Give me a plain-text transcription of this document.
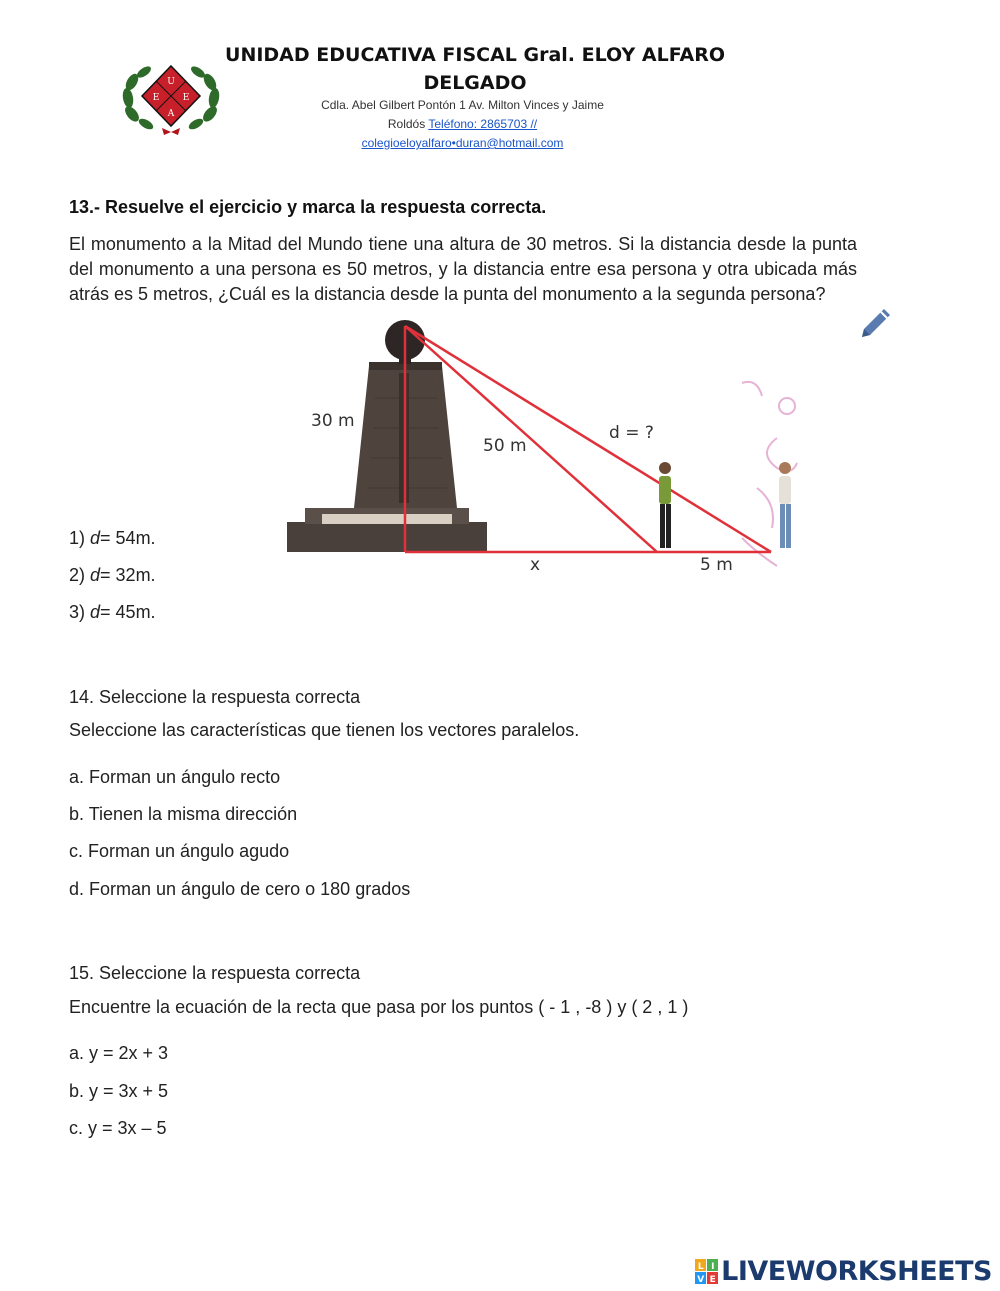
U
E	E
A
UNIDAD EDUCATIVA FISCAL Gral. ELOY ALFARO
DELGADO
Cdla. Abel Gilbert Pontón 1 Av. Milton Vinces y Jaime
Roldós Teléfono: 2865703 //
colegioeloyalfaro•duran@hotmail.com
13.- Resuelve el ejercicio y marca la respuesta correcta.
El monumento a la Mitad del Mundo tiene una altura de 30 metros. Si la distancia desde la punta del monumento a una persona es 50 metros, y la distancia entre esa persona y otra ubicada más atrás es 5 metros, ¿Cuál es la distancia desde la punta del monumento a la segunda persona?
30 m
50 m
d = ?
x	5 m
1) d= 54m.
2) d= 32m.
3) d= 45m.
14. Seleccione la respuesta correcta
Seleccione las características que tienen los vectores paralelos.
a. Forman un ángulo recto
b. Tienen la misma dirección
c. Forman un ángulo agudo
d. Forman un ángulo de cero o 180 grados
15. Seleccione la respuesta correcta
Encuentre la ecuación de la recta que pasa por los puntos ( - 1 , -8 ) y ( 2 , 1 )
a. y = 2x + 3
b. y = 3x + 5
c. y = 3x – 5
L I
V E LIVEWORKSHEETS
